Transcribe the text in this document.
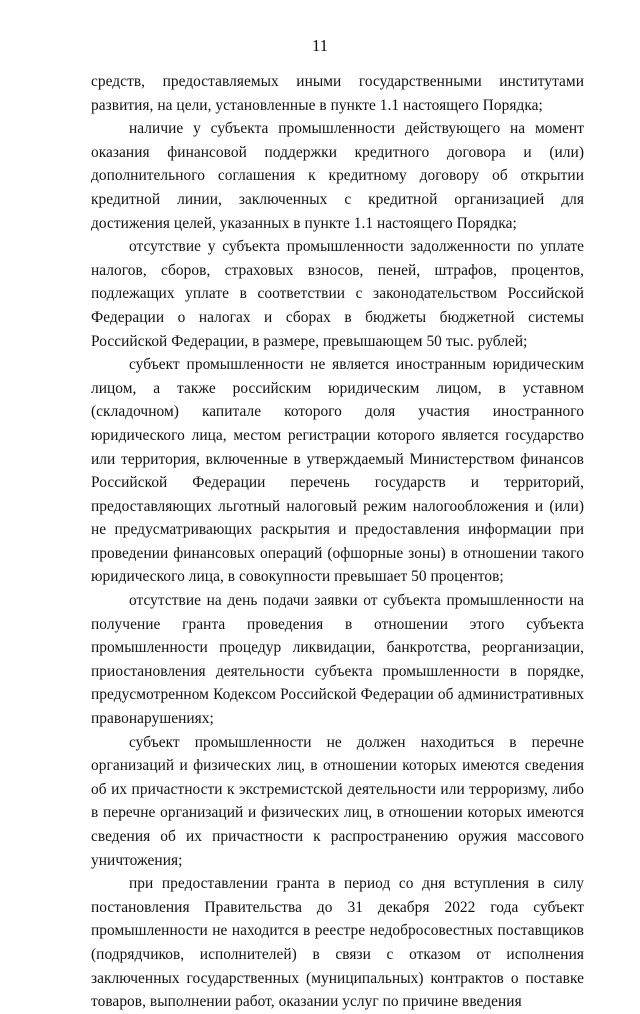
11

средств, предоставляемых иными государственными институтами развития, на цели, установленные в пункте 1.1 настоящего Порядка;

наличие у субъекта промышленности действующего на момент оказания финансовой поддержки кредитного договора и (или) дополнительного соглашения к кредитному договору об открытии кредитной линии, заключенных с кредитной организацией для достижения целей, указанных в пункте 1.1 настоящего Порядка;

отсутствие у субъекта промышленности задолженности по уплате налогов, сборов, страховых взносов, пеней, штрафов, процентов, подлежащих уплате в соответствии с законодательством Российской Федерации о налогах и сборах в бюджеты бюджетной системы Российской Федерации, в размере, превышающем 50 тыс. рублей;

субъект промышленности не является иностранным юридическим лицом, а также российским юридическим лицом, в уставном (складочном) капитале которого доля участия иностранного юридического лица, местом регистрации которого является государство или территория, включенные в утверждаемый Министерством финансов Российской Федерации перечень государств и территорий, предоставляющих льготный налоговый режим налогообложения и (или) не предусматривающих раскрытия и предоставления информации при проведении финансовых операций (офшорные зоны) в отношении такого юридического лица, в совокупности превышает 50 процентов;

отсутствие на день подачи заявки от субъекта промышленности на получение гранта проведения в отношении этого субъекта промышленности процедур ликвидации, банкротства, реорганизации, приостановления деятельности субъекта промышленности в порядке, предусмотренном Кодексом Российской Федерации об административных правонарушениях;

субъект промышленности не должен находиться в перечне организаций и физических лиц, в отношении которых имеются сведения об их причастности к экстремистской деятельности или терроризму, либо в перечне организаций и физических лиц, в отношении которых имеются сведения об их причастности к распространению оружия массового уничтожения;

при предоставлении гранта в период со дня вступления в силу постановления Правительства до 31 декабря 2022 года субъект промышленности не находится в реестре недобросовестных поставщиков (подрядчиков, исполнителей) в связи с отказом от исполнения заключенных государственных (муниципальных) контрактов о поставке товаров, выполнении работ, оказании услуг по причине введения
